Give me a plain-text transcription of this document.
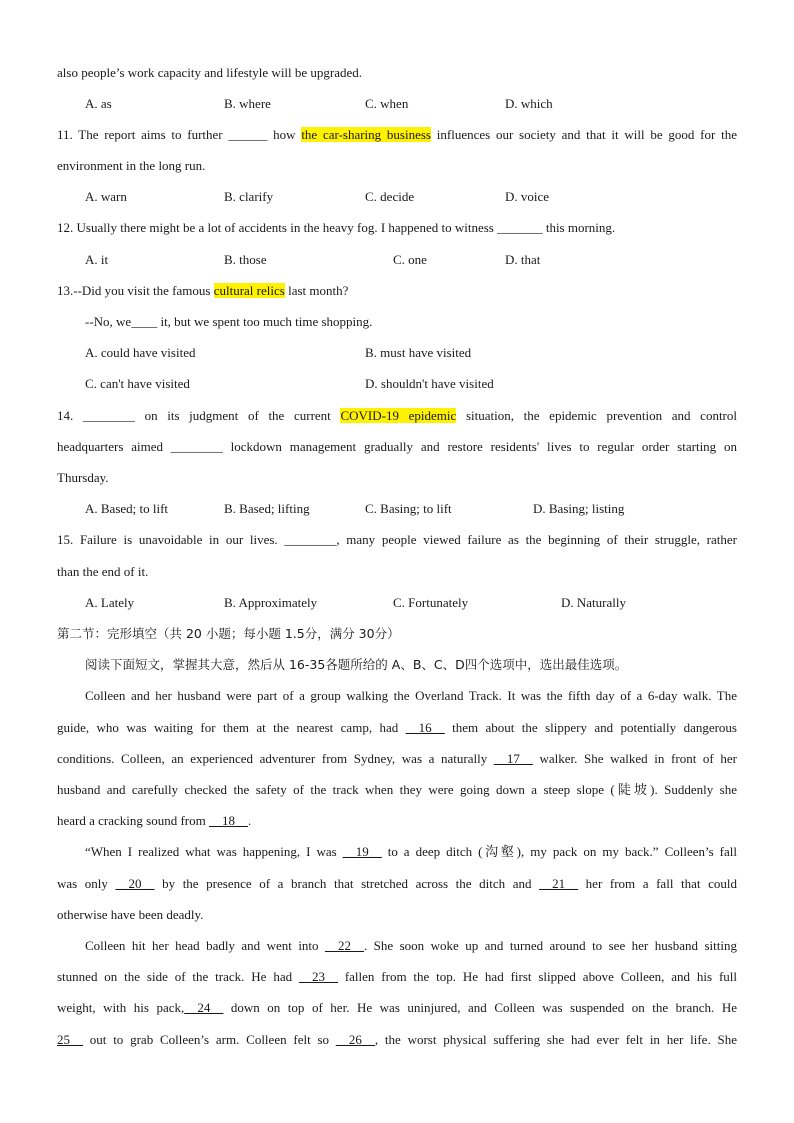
also people’s work capacity and lifestyle will be upgraded.
A. as	B. where	C. when	D. which
11. The report aims to further ______ how the car-sharing business influences our society and that it will be good for the
environment in the long run.
A. warn	B. clarify	C. decide	D. voice
12. Usually there might be a lot of accidents in the heavy fog. I happened to witness _______ this morning.
A. it	B. those	C. one	D. that
13.--Did you visit the famous cultural relics last month?
--No, we____ it, but we spent too much time shopping.
A. could have visited	B. must have visited
C. can't have visited	D. shouldn't have visited
14. ________ on its judgment of the current COVID-19 epidemic situation, the epidemic prevention and control
headquarters aimed ________ lockdown management gradually and restore residents' lives to regular order starting on
Thursday.
A. Based; to lift	B. Based; lifting	C. Basing; to lift	D. Basing; listing
15. Failure is unavoidable in our lives. ________, many people viewed failure as the beginning of their struggle, rather
than the end of it.
A. Lately	B. Approximately	C. Fortunately	D. Naturally
第二节：完形填空（共 20 小题；每小题 1.5分，满分 30分）
阅读下面短文，掌握其大意，然后从 16-35各题所给的 A、B、C、D四个选项中，选出最佳选项。
Colleen and her husband were part of a group walking the Overland Track. It was the fifth day of a 6-day walk. The
guide, who was waiting for them at the nearest camp, had __16__ them about the slippery and potentially dangerous
conditions. Colleen, an experienced adventurer from Sydney, was a naturally __17__ walker. She walked in front of her
husband and carefully checked the safety of the track when they were going down a steep slope (陡坡). Suddenly she
heard a cracking sound from __18__.
“When I realized what was happening, I was __19__ to a deep ditch (沟壑), my pack on my back.” Colleen’s fall
was only __20__ by the presence of a branch that stretched across the ditch and __21__ her from a fall that could
otherwise have been deadly.
Colleen hit her head badly and went into __22__. She soon woke up and turned around to see her husband sitting
stunned on the side of the track. He had __23__ fallen from the top. He had first slipped above Colleen, and his full
weight, with his pack,__24__ down on top of her. He was uninjured, and Colleen was suspended on the branch. He
25__ out to grab Colleen’s arm. Colleen felt so __26__, the worst physical suffering she had ever felt in her life. She
